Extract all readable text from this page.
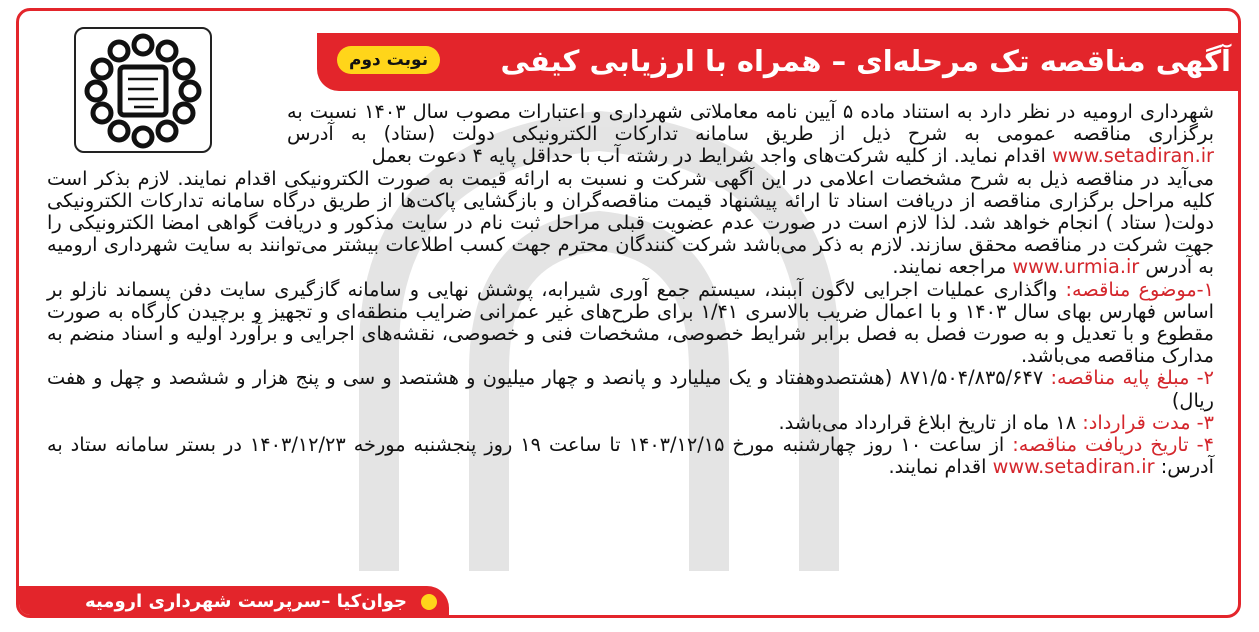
آگهی مناقصه تک مرحله‌ای – همراه با ارزیابی کیفی
نوبت دوم

شهرداری ارومیه در نظر دارد به استناد ماده ۵ آیین نامه معاملاتی شهرداری و اعتبارات مصوب سال ۱۴۰۳ نسبت به برگزاری مناقصه عمومی به شرح ذیل از طریق سامانه تدارکات الکترونیکی دولت (ستاد) به آدرس www.setadiran.ir اقدام نماید. از کلیه شرکت‌های واجد شرایط در رشته آب با حداقل پایه ۴ دعوت بعمل

می‌آید در مناقصه ذیل به شرح مشخصات اعلامی در این آگهی شرکت و نسبت به ارائه قیمت به صورت الکترونیکی اقدام نمایند. لازم بذکر است کلیه مراحل برگزاری مناقصه از دریافت اسناد تا ارائه پیشنهاد قیمت مناقصه‌گران و بازگشایی پاکت‌ها از طریق درگاه سامانه تدارکات الکترونیکی دولت( ستاد ) انجام خواهد شد. لذا لازم است در صورت عدم عضویت قبلی مراحل ثبت نام در سایت مذکور و دریافت گواهی امضا الکترونیکی را جهت شرکت در مناقصه محقق سازند. لازم به ذکر می‌باشد شرکت کنندگان محترم جهت کسب اطلاعات بیشتر می‌توانند به سایت شهرداری ارومیه به آدرس www.urmia.ir مراجعه نمایند.

۱-موضوع مناقصه: واگذاری عملیات اجرایی لاگون آببند، سیستم جمع آوری شیرابه، پوشش نهایی و سامانه گازگیری سایت دفن پسماند نازلو بر اساس فهارس بهای سال ۱۴۰۳ و با اعمال ضریب بالاسری ۱/۴۱ برای طرح‌های غیر عمرانی ضرایب منطقه‌ای و تجهیز و برچیدن کارگاه به صورت مقطوع و با تعدیل و به صورت فصل به فصل برابر شرایط خصوصی، مشخصات فنی و خصوصی، نقشه‌های اجرایی و برآورد اولیه و اسناد منضم به مدارک مناقصه می‌باشد.

۲- مبلغ پایه مناقصه: ۸۷۱/۵۰۴/۸۳۵/۶۴۷ (هشتصدوهفتاد و یک میلیارد و پانصد و چهار میلیون و هشتصد و سی و پنج هزار و ششصد و چهل و هفت ریال)

۳- مدت قرارداد: ۱۸ ماه از تاریخ ابلاغ قرارداد می‌باشد.

۴- تاریخ دریافت مناقصه: از ساعت ۱۰ روز چهارشنبه مورخ ۱۴۰۳/۱۲/۱۵ تا ساعت ۱۹ روز پنجشنبه مورخه ۱۴۰۳/۱۲/۲۳ در بستر سامانه ستاد به آدرس: www.setadiran.ir اقدام نمایند.

جوان‌کیا –سرپرست شهرداری ارومیه
